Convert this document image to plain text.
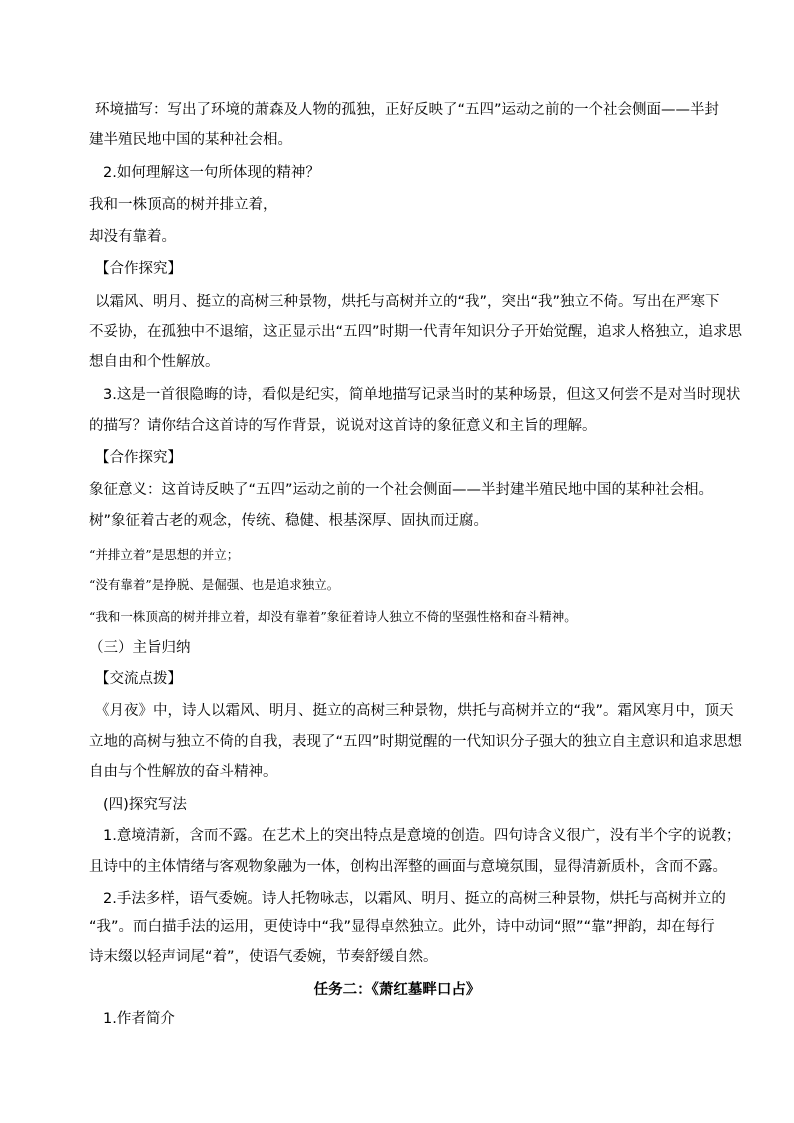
环境描写：写出了环境的萧森及人物的孤独，正好反映了“五四”运动之前的一个社会侧面——半封
建半殖民地中国的某种社会相。
2.如何理解这一句所体现的精神？
我和一株顶高的树并排立着，
却没有靠着。
【合作探究】
以霜风、明月、挺立的高树三种景物，烘托与高树并立的“我”，突出“我”独立不倚。写出在严寒下
不妥协，在孤独中不退缩，这正显示出“五四”时期一代青年知识分子开始觉醒，追求人格独立，追求思
想自由和个性解放。
3.这是一首很隐晦的诗，看似是纪实，简单地描写记录当时的某种场景，但这又何尝不是对当时现状
的描写？请你结合这首诗的写作背景，说说对这首诗的象征意义和主旨的理解。
【合作探究】
象征意义：这首诗反映了“五四”运动之前的一个社会侧面——半封建半殖民地中国的某种社会相。
树”象征着古老的观念，传统、稳健、根基深厚、固执而迂腐。
“并排立着”是思想的并立；
“没有靠着”是挣脱、是倔强、也是追求独立。
“我和一株顶高的树并排立着，却没有靠着”象征着诗人独立不倚的坚强性格和奋斗精神。
（三）主旨归纳
【交流点拨】
《月夜》中，诗人以霜风、明月、挺立的高树三种景物，烘托与高树并立的“我”。霜风寒月中，顶天
立地的高树与独立不倚的自我，表现了“五四”时期觉醒的一代知识分子强大的独立自主意识和追求思想
自由与个性解放的奋斗精神。
(四)探究写法
1.意境清新，含而不露。在艺术上的突出特点是意境的创造。四句诗含义很广，没有半个字的说教；
且诗中的主体情绪与客观物象融为一体，创构出浑整的画面与意境氛围，显得清新质朴，含而不露。
2.手法多样，语气委婉。诗人托物咏志，以霜风、明月、挺立的高树三种景物，烘托与高树并立的
“我”。而白描手法的运用，更使诗中“我”显得卓然独立。此外，诗中动词“照”“靠”押韵，却在每行
诗末缀以轻声词尾“着”，使语气委婉，节奏舒缓自然。
任务二：《萧红墓畔口占》
1.作者简介
